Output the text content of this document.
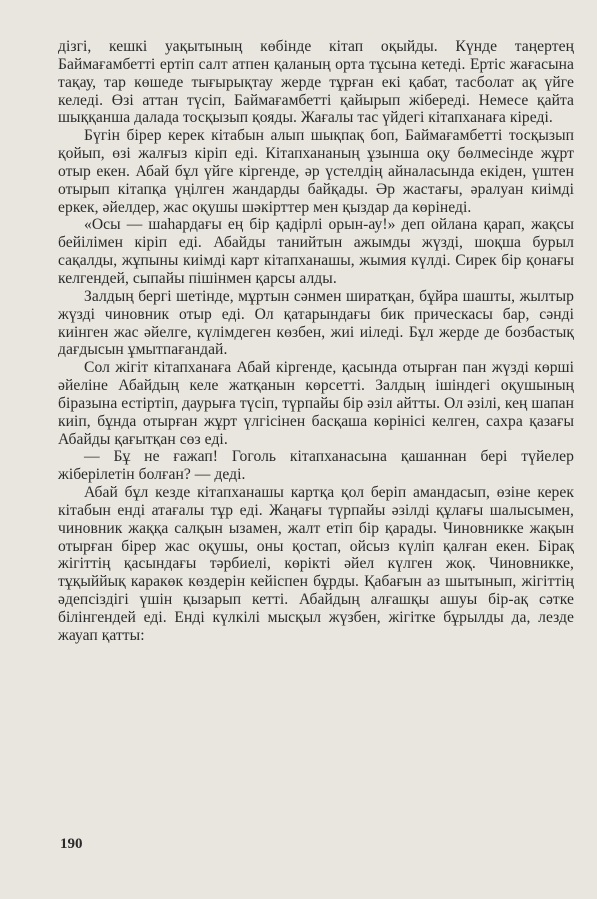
дізгі, кешкі уақытының көбінде кітап оқыйды. Күнде таңертең Баймағамбетті ертіп салт атпен қаланың орта тұсына кетеді. Ертіс жағасына тақау, тар көшеде тығырықтау жерде тұрған екі қабат, тасболат ақ үйге келеді. Өзі аттан түсіп, Баймағамбетті қайырып жібереді. Немесе қайта шыққанша далада тосқызып қояды. Жағалы тас үйдегі кітапханаға кіреді.

Бүгін бірер керек кітабын алып шықпақ боп, Баймағамбетті тосқызып қойып, өзі жалғыз кіріп еді. Кітапхананың ұзынша оқу бөлмесінде жұрт отыр екен. Абай бұл үйге кіргенде, әр үстелдің айналасында екіден, үштен отырып кітапқа үңілген жандарды байқады. Әр жастағы, әралуан киімді еркек, әйелдер, жас оқушы шәкірттер мен қыздар да көрінеді.

«Осы — шаһардағы ең бір қадірлі орын-ау!» деп ойлана қарап, жақсы бейілімен кіріп еді. Абайды танийтын ажымды жүзді, шоқша бурыл сақалды, жұпыны киімді карт кітапханашы, жымия күлді. Сирек бір қонағы келгендей, сыпайы пішінмен қарсы алды.

Залдың бергі шетінде, мұртын сәнмен ширатқан, бұйра шашты, жылтыр жүзді чиновник отыр еді. Ол қатарындағы бик прическасы бар, сәнді киінген жас әйелге, күлімдеген көзбен, жиі иіледі. Бұл жерде де бозбастық дағдысын ұмытпағандай.

Сол жігіт кітапханаға Абай кіргенде, қасында отырған пан жүзді көрші әйеліне Абайдың келе жатқанын көрсетті. Залдың ішіндегі оқушының біразына естіртіп, даурыға түсіп, түрпайы бір әзіл айтты. Ол әзілі, кең шапан киіп, бұнда отырған жұрт үлгісінен басқаша көрінісі келген, сахра қазағы Абайды қағытқан сөз еді.

— Бұ не ғажап! Гоголь кітапханасына қашаннан бері түйелер жіберілетін болған? — деді.

Абай бұл кезде кітапханашы картқа қол беріп амандасып, өзіне керек кітабын енді атағалы тұр еді. Жаңағы түрпайы әзілді құлағы шалысымен, чиновник жаққа салқын ызамен, жалт етіп бір қарады. Чиновникке жақын отырған бірер жас оқушы, оны қостап, ойсыз күліп қалған екен. Бірақ жігіттің қасындағы тәрбиелі, көрікті әйел күлген жоқ. Чиновникке, тұқыййық каракөк көздерін кейіспен бұрды. Қабағын аз шытынып, жігіттің әдепсіздігі үшін қызарып кетті. Абайдың алғашқы ашуы бір-ақ сәтке білінгендей еді. Енді күлкілі мысқыл жүзбен, жігітке бұрылды да, лезде жауап қатты:

190
